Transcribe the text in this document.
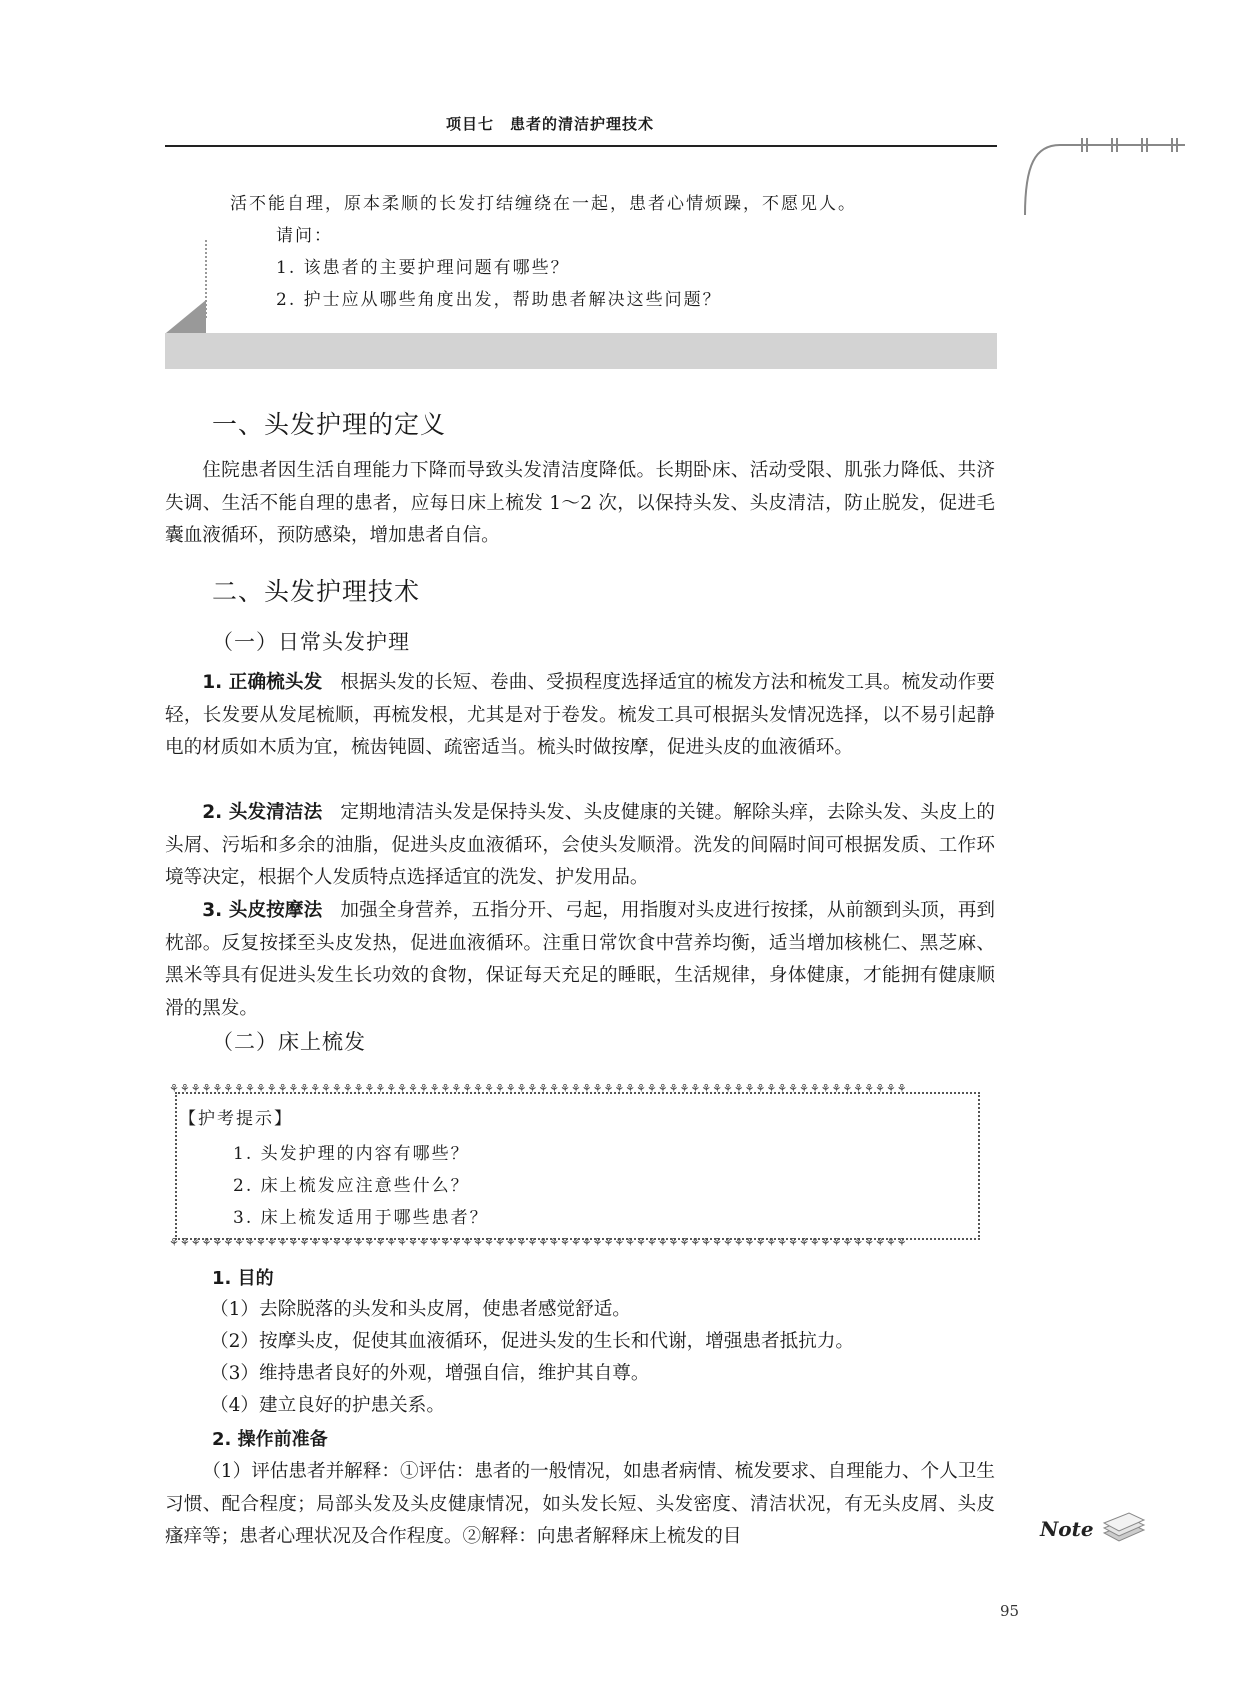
项目七　患者的清洁护理技术
活不能自理，原本柔顺的长发打结缠绕在一起，患者心情烦躁，不愿见人。
请问：
1. 该患者的主要护理问题有哪些？
2. 护士应从哪些角度出发，帮助患者解决这些问题？
一、头发护理的定义
住院患者因生活自理能力下降而导致头发清洁度降低。长期卧床、活动受限、肌张力降低、共济失调、生活不能自理的患者，应每日床上梳发 1～2 次，以保持头发、头皮清洁，防止脱发，促进毛囊血液循环，预防感染，增加患者自信。
二、头发护理技术
（一）日常头发护理
1. 正确梳头发 根据头发的长短、卷曲、受损程度选择适宜的梳发方法和梳发工具。梳发动作要轻，长发要从发尾梳顺，再梳发根，尤其是对于卷发。梳发工具可根据头发情况选择，以不易引起静电的材质如木质为宜，梳齿钝圆、疏密适当。梳头时做按摩，促进头皮的血液循环。
2. 头发清洁法 定期地清洁头发是保持头发、头皮健康的关键。解除头痒，去除头发、头皮上的头屑、污垢和多余的油脂，促进头皮血液循环，会使头发顺滑。洗发的间隔时间可根据发质、工作环境等决定，根据个人发质特点选择适宜的洗发、护发用品。
3. 头皮按摩法 加强全身营养，五指分开、弓起，用指腹对头皮进行按揉，从前额到头顶，再到枕部。反复按揉至头皮发热，促进血液循环。注重日常饮食中营养均衡，适当增加核桃仁、黑芝麻、黑米等具有促进头发生长功效的食物，保证每天充足的睡眠，生活规律，身体健康，才能拥有健康顺滑的黑发。
（二）床上梳发
⚘⚘⚘⚘⚘⚘⚘⚘⚘⚘⚘⚘⚘⚘⚘⚘⚘⚘⚘⚘⚘⚘⚘⚘⚘⚘⚘⚘⚘⚘⚘⚘⚘⚘⚘⚘⚘⚘⚘⚘⚘⚘⚘⚘⚘⚘⚘⚘⚘⚘⚘⚘⚘⚘⚘⚘⚘⚘⚘⚘⚘⚘⚘⚘⚘⚘⚘⚘
【护考提示】
1. 头发护理的内容有哪些？
2. 床上梳发应注意些什么？
3. 床上梳发适用于哪些患者？
⚘⚘⚘⚘⚘⚘⚘⚘⚘⚘⚘⚘⚘⚘⚘⚘⚘⚘⚘⚘⚘⚘⚘⚘⚘⚘⚘⚘⚘⚘⚘⚘⚘⚘⚘⚘⚘⚘⚘⚘⚘⚘⚘⚘⚘⚘⚘⚘⚘⚘⚘⚘⚘⚘⚘⚘⚘⚘⚘⚘⚘⚘⚘⚘⚘⚘⚘⚘
1. 目的
（1）去除脱落的头发和头皮屑，使患者感觉舒适。
（2）按摩头皮，促使其血液循环，促进头发的生长和代谢，增强患者抵抗力。
（3）维持患者良好的外观，增强自信，维护其自尊。
（4）建立良好的护患关系。
2. 操作前准备
（1）评估患者并解释：①评估：患者的一般情况，如患者病情、梳发要求、自理能力、个人卫生习惯、配合程度；局部头发及头皮健康情况，如头发长短、头发密度、清洁状况，有无头皮屑、头皮瘙痒等；患者心理状况及合作程度。②解释：向患者解释床上梳发的目	Note
95
